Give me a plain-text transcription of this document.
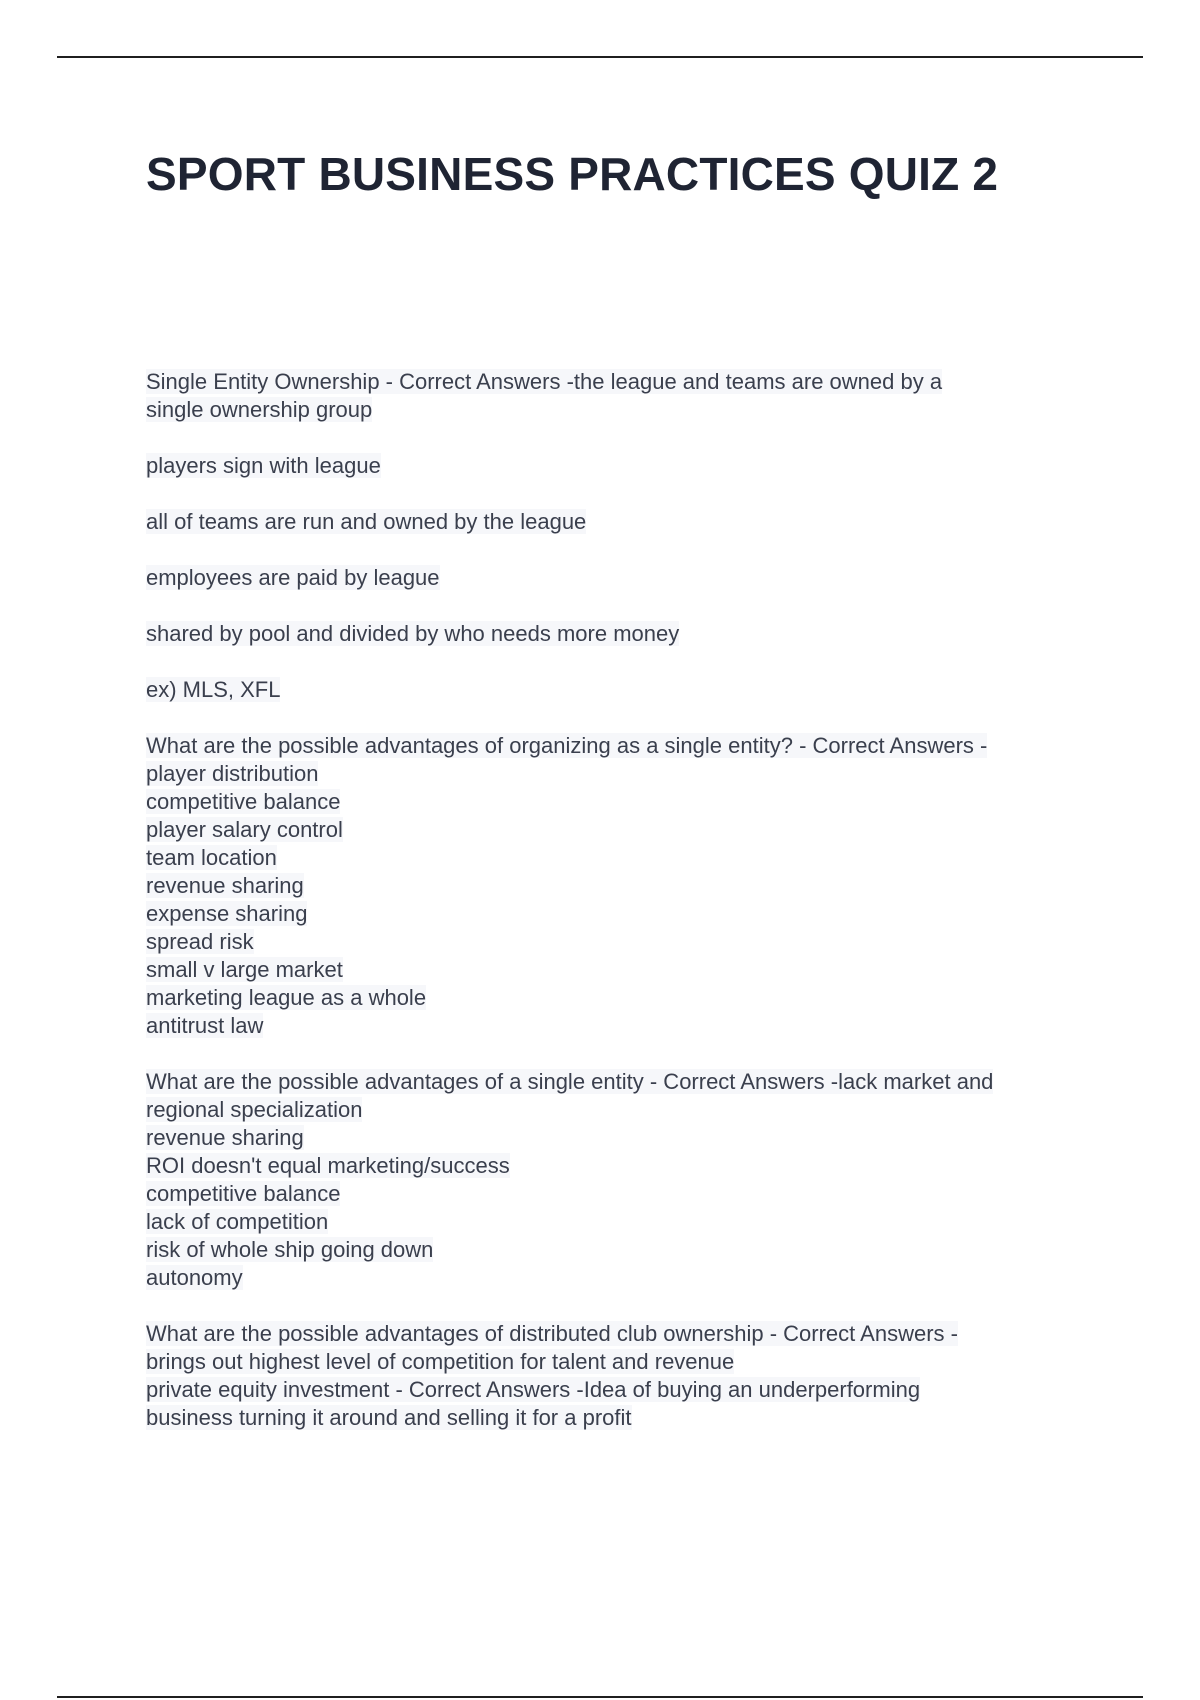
SPORT BUSINESS PRACTICES QUIZ 2
Single Entity Ownership - Correct Answers -the league and teams are owned by a
single ownership group
players sign with league
all of teams are run and owned by the league
employees are paid by league
shared by pool and divided by who needs more money
ex) MLS, XFL
What are the possible advantages of organizing as a single entity? - Correct Answers -
player distribution
competitive balance
player salary control
team location
revenue sharing
expense sharing
spread risk
small v large market
marketing league as a whole
antitrust law
What are the possible advantages of a single entity - Correct Answers -lack market and
regional specialization
revenue sharing
ROI doesn't equal marketing/success
competitive balance
lack of competition
risk of whole ship going down
autonomy
What are the possible advantages of distributed club ownership - Correct Answers -
brings out highest level of competition for talent and revenue
private equity investment - Correct Answers -Idea of buying an underperforming
business turning it around and selling it for a profit
